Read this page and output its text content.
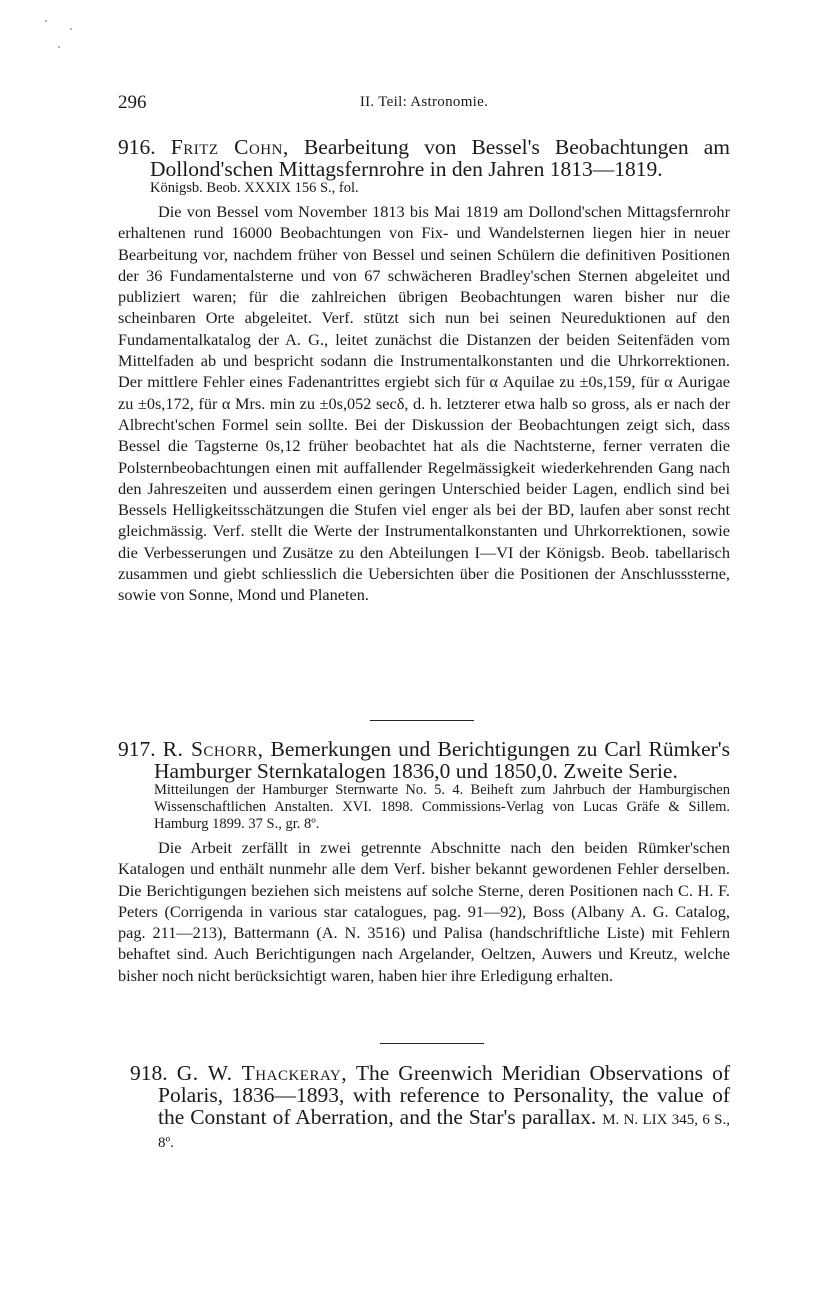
296	II. Teil: Astronomie.

916. Fritz Cohn, Bearbeitung von Bessel's Beobachtungen am Dollond'schen Mittagsfernrohre in den Jahren 1813—1819.

Königsb. Beob. XXXIX 156 S., fol.

Die von Bessel vom November 1813 bis Mai 1819 am Dollond'schen Mittagsfernrohr erhaltenen rund 16000 Beobachtungen von Fix- und Wandelsternen liegen hier in neuer Bearbeitung vor, nachdem früher von Bessel und seinen Schülern die definitiven Positionen der 36 Fundamentalsterne und von 67 schwächeren Bradley'schen Sternen abgeleitet und publiziert waren; für die zahlreichen übrigen Beobachtungen waren bisher nur die scheinbaren Orte abgeleitet. Verf. stützt sich nun bei seinen Neureduktionen auf den Fundamentalkatalog der A. G., leitet zunächst die Distanzen der beiden Seitenfäden vom Mittelfaden ab und bespricht sodann die Instrumentalkonstanten und die Uhrkorrektionen. Der mittlere Fehler eines Fadenantrittes ergiebt sich für α Aquilae zu ±0s,159, für α Aurigae zu ±0s,172, für α Mrs. min zu ±0s,052 secδ, d. h. letzterer etwa halb so gross, als er nach der Albrecht'schen Formel sein sollte. Bei der Diskussion der Beobachtungen zeigt sich, dass Bessel die Tagsterne 0s,12 früher beobachtet hat als die Nachtsterne, ferner verraten die Polsternbeobachtungen einen mit auffallender Regelmässigkeit wiederkehrenden Gang nach den Jahreszeiten und ausserdem einen geringen Unterschied beider Lagen, endlich sind bei Bessels Helligkeitsschätzungen die Stufen viel enger als bei der BD, laufen aber sonst recht gleichmässig. Verf. stellt die Werte der Instrumentalkonstanten und Uhrkorrektionen, sowie die Verbesserungen und Zusätze zu den Abteilungen I—VI der Königsb. Beob. tabellarisch zusammen und giebt schliesslich die Uebersichten über die Positionen der Anschlusssterne, sowie von Sonne, Mond und Planeten.

917. R. Schorr, Bemerkungen und Berichtigungen zu Carl Rümker's Hamburger Sternkatalogen 1836,0 und 1850,0. Zweite Serie.

Mitteilungen der Hamburger Sternwarte No. 5. 4. Beiheft zum Jahrbuch der Hamburgischen Wissenschaftlichen Anstalten. XVI. 1898. Commissions-Verlag von Lucas Gräfe & Sillem. Hamburg 1899. 37 S., gr. 8º.

Die Arbeit zerfällt in zwei getrennte Abschnitte nach den beiden Rümker'schen Katalogen und enthält nunmehr alle dem Verf. bisher bekannt gewordenen Fehler derselben. Die Berichtigungen beziehen sich meistens auf solche Sterne, deren Positionen nach C. H. F. Peters (Corrigenda in various star catalogues, pag. 91—92), Boss (Albany A. G. Catalog, pag. 211—213), Battermann (A. N. 3516) und Palisa (handschriftliche Liste) mit Fehlern behaftet sind. Auch Berichtigungen nach Argelander, Oeltzen, Auwers und Kreutz, welche bisher noch nicht berücksichtigt waren, haben hier ihre Erledigung erhalten.

918. G. W. Thackeray, The Greenwich Meridian Observations of Polaris, 1836—1893, with reference to Personality, the value of the Constant of Aberration, and the Star's parallax. M. N. LIX 345, 6 S., 8º.
